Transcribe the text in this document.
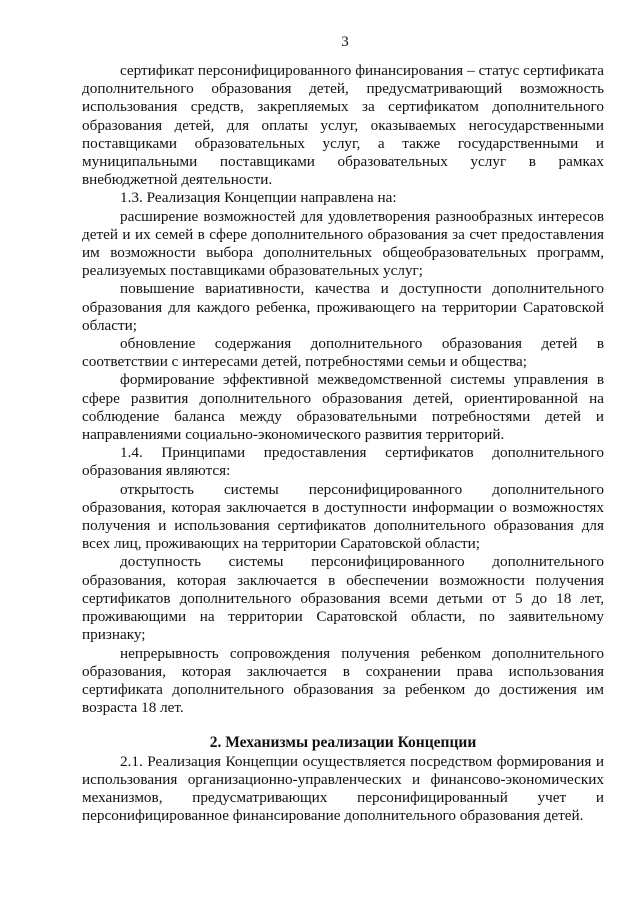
3

сертификат персонифицированного финансирования – статус сертификата дополнительного образования детей, предусматривающий возможность использования средств, закрепляемых за сертификатом дополнительного образования детей, для оплаты услуг, оказываемых негосударственными поставщиками образовательных услуг, а также государственными и муниципальными поставщиками образовательных услуг в рамках внебюджетной деятельности.

1.3. Реализация Концепции направлена на:

расширение возможностей для удовлетворения разнообразных интересов детей и их семей в сфере дополнительного образования за счет предоставления им возможности выбора дополнительных общеобразовательных программ, реализуемых поставщиками образовательных услуг;

повышение вариативности, качества и доступности дополнительного образования для каждого ребенка, проживающего на территории Саратовской области;

обновление содержания дополнительного образования детей в соответствии с интересами детей, потребностями семьи и общества;

формирование эффективной межведомственной системы управления в сфере развития дополнительного образования детей, ориентированной на соблюдение баланса между образовательными потребностями детей и направлениями социально-экономического развития территорий.

1.4. Принципами предоставления сертификатов дополнительного образования являются:

открытость системы персонифицированного дополнительного образования, которая заключается в доступности информации о возможностях получения и использования сертификатов дополнительного образования для всех лиц, проживающих на территории Саратовской области;

доступность системы персонифицированного дополнительного образования, которая заключается в обеспечении возможности получения сертификатов дополнительного образования всеми детьми от 5 до 18 лет, проживающими на территории Саратовской области, по заявительному признаку;

непрерывность сопровождения получения ребенком дополнительного образования, которая заключается в сохранении права использования сертификата дополнительного образования за ребенком до достижения им возраста 18 лет.

2. Механизмы реализации Концепции

2.1. Реализация Концепции осуществляется посредством формирования и использования организационно-управленческих и финансово-экономических механизмов, предусматривающих персонифицированный учет и персонифицированное финансирование дополнительного образования детей.
